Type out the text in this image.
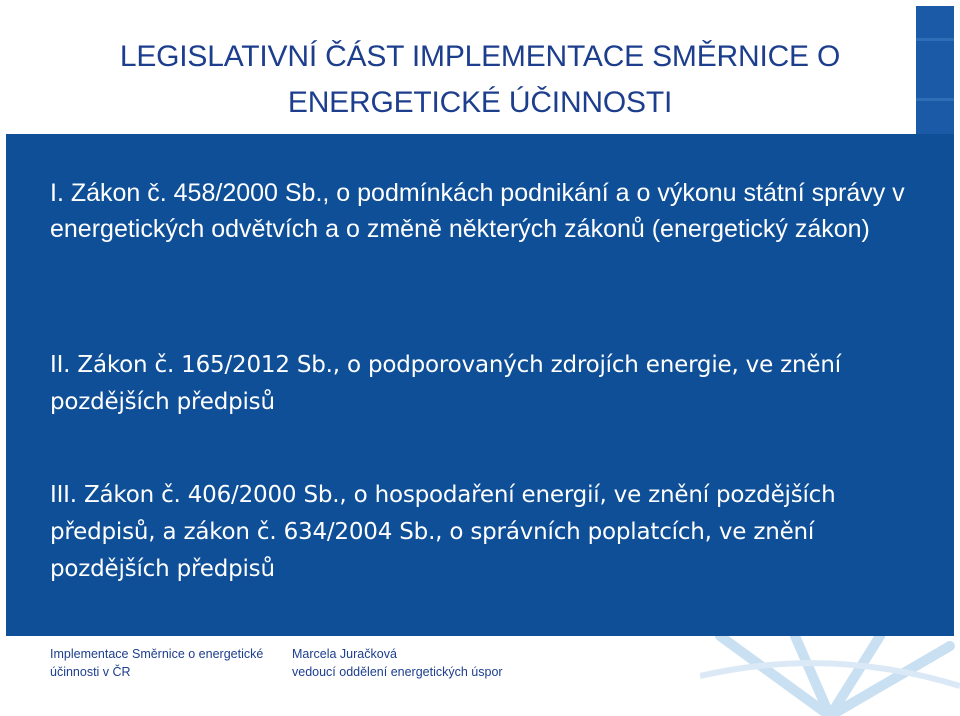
LEGISLATIVNÍ ČÁST IMPLEMENTACE SMĚRNICE O
ENERGETICKÉ ÚČINNOSTI

I. Zákon č. 458/2000 Sb., o podmínkách podnikání a o výkonu státní správy v energetických odvětvích a o změně některých zákonů (energetický zákon)

II. Zákon č. 165/2012 Sb., o podporovaných zdrojích energie, ve znění pozdějších předpisů

III. Zákon č. 406/2000 Sb., o hospodaření energií, ve znění pozdějších předpisů, a zákon č. 634/2004 Sb., o správních poplatcích, ve znění pozdějších předpisů

Implementace Směrnice o energetické
účinnosti v ČR
Marcela Juračková
vedoucí oddělení energetických úspor
